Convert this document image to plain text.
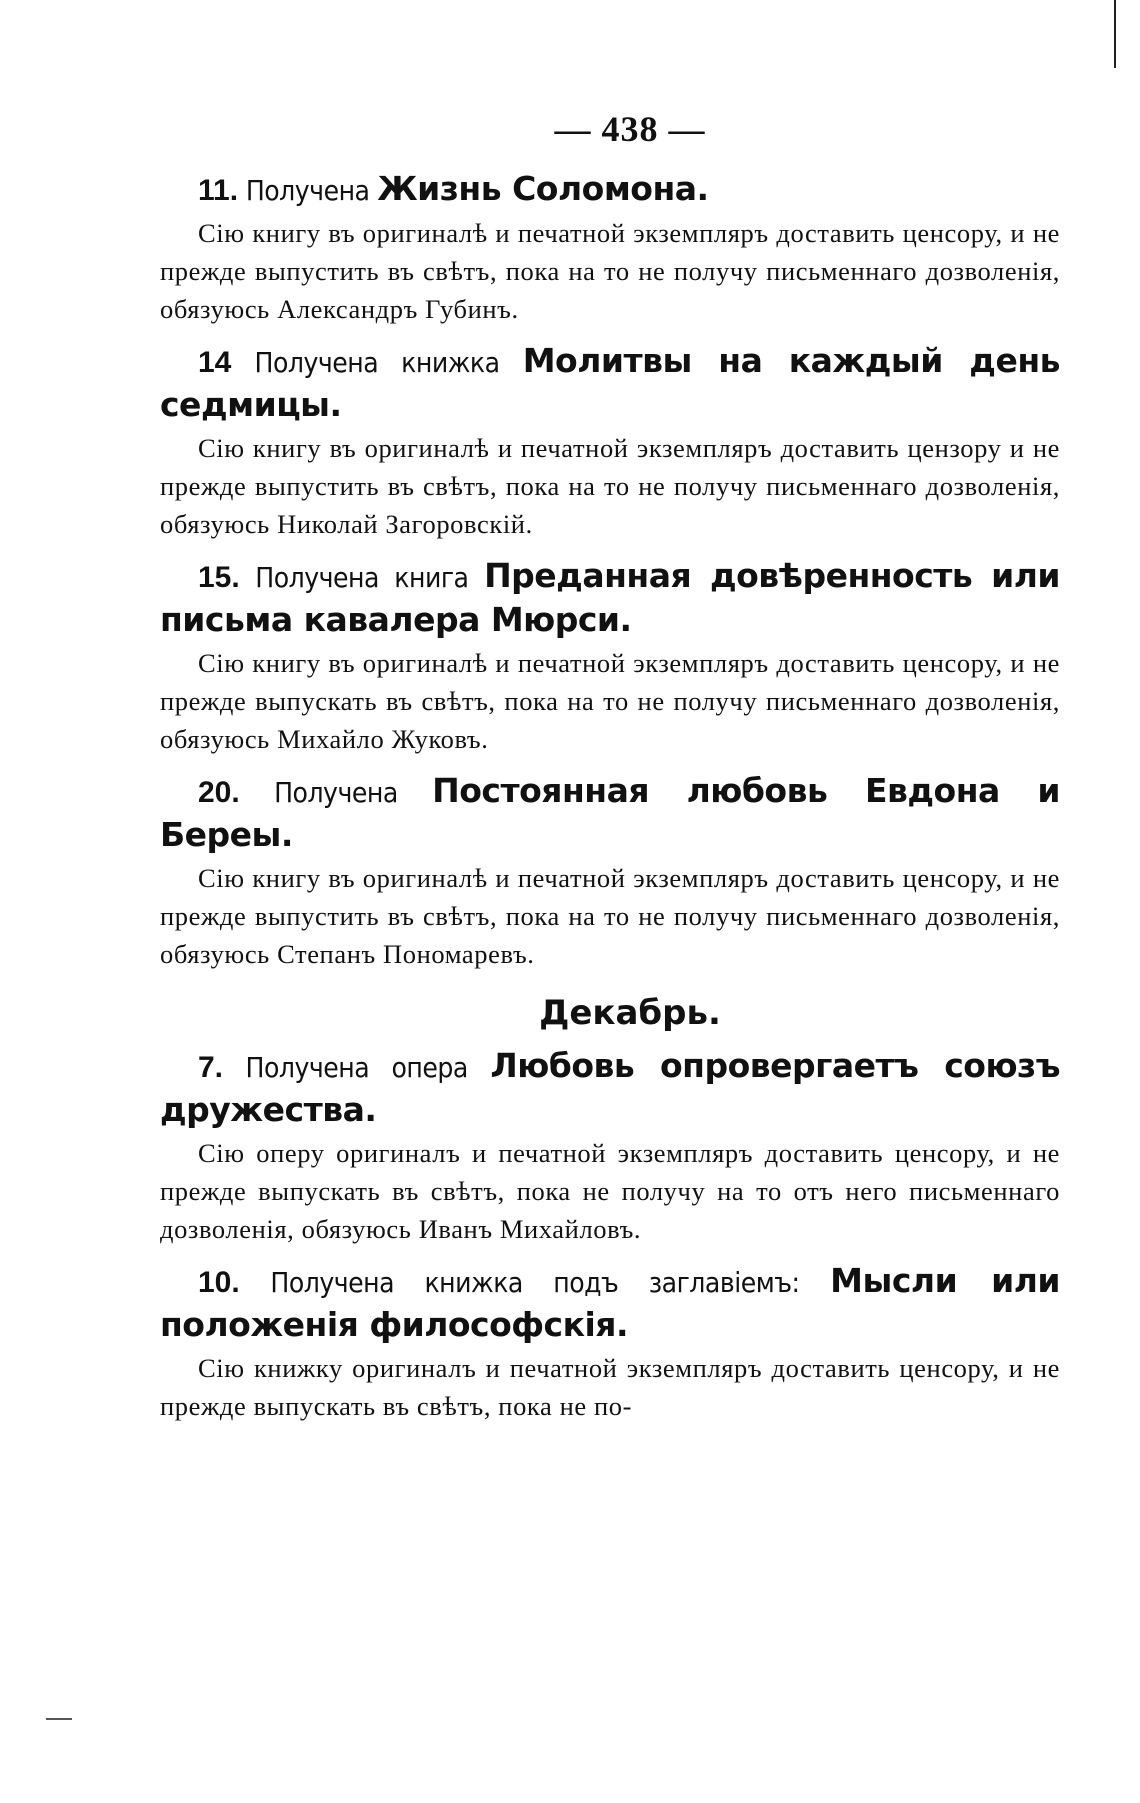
— 438 —
11. Получена Жизнь Соломона.
Сію книгу въ оригиналѣ и печатной экземпляръ доставить ценсору, и не прежде выпустить въ свѣтъ, пока на то не получу письменнаго дозволенія, обязуюсь Александръ Губинъ.
14 Получена книжка Молитвы на каждый день седмицы.
Сію книгу въ оригиналѣ и печатной экземпляръ доставить цензору и не прежде выпустить въ свѣтъ, пока на то не получу письменнаго дозволенія, обязуюсь Николай Загоровскій.
15. Получена книга Преданная довѣренность или письма кавалера Мюрси.
Сію книгу въ оригиналѣ и печатной экземпляръ доставить ценсору, и не прежде выпускать въ свѣтъ, пока на то не получу письменнаго дозволенія, обязуюсь Михайло Жуковъ.
20. Получена Постоянная любовь Евдона и Береы.
Сію книгу въ оригиналѣ и печатной экземпляръ доставить ценсору, и не прежде выпустить въ свѣтъ, пока на то не получу письменнаго дозволенія, обязуюсь Степанъ Пономаревъ.
Декабрь.
7. Получена опера Любовь опровергаетъ союзъ дружества.
Сію оперу оригиналъ и печатной экземпляръ доставить ценсору, и не прежде выпускать въ свѣтъ, пока не получу на то отъ него письменнаго дозволенія, обязуюсь Иванъ Михайловъ.
10. Получена книжка подъ заглавіемъ: Мысли или положенія философскія.
Сію книжку оригиналъ и печатной экземпляръ доставить ценсору, и не прежде выпускать въ свѣтъ, пока не по-
